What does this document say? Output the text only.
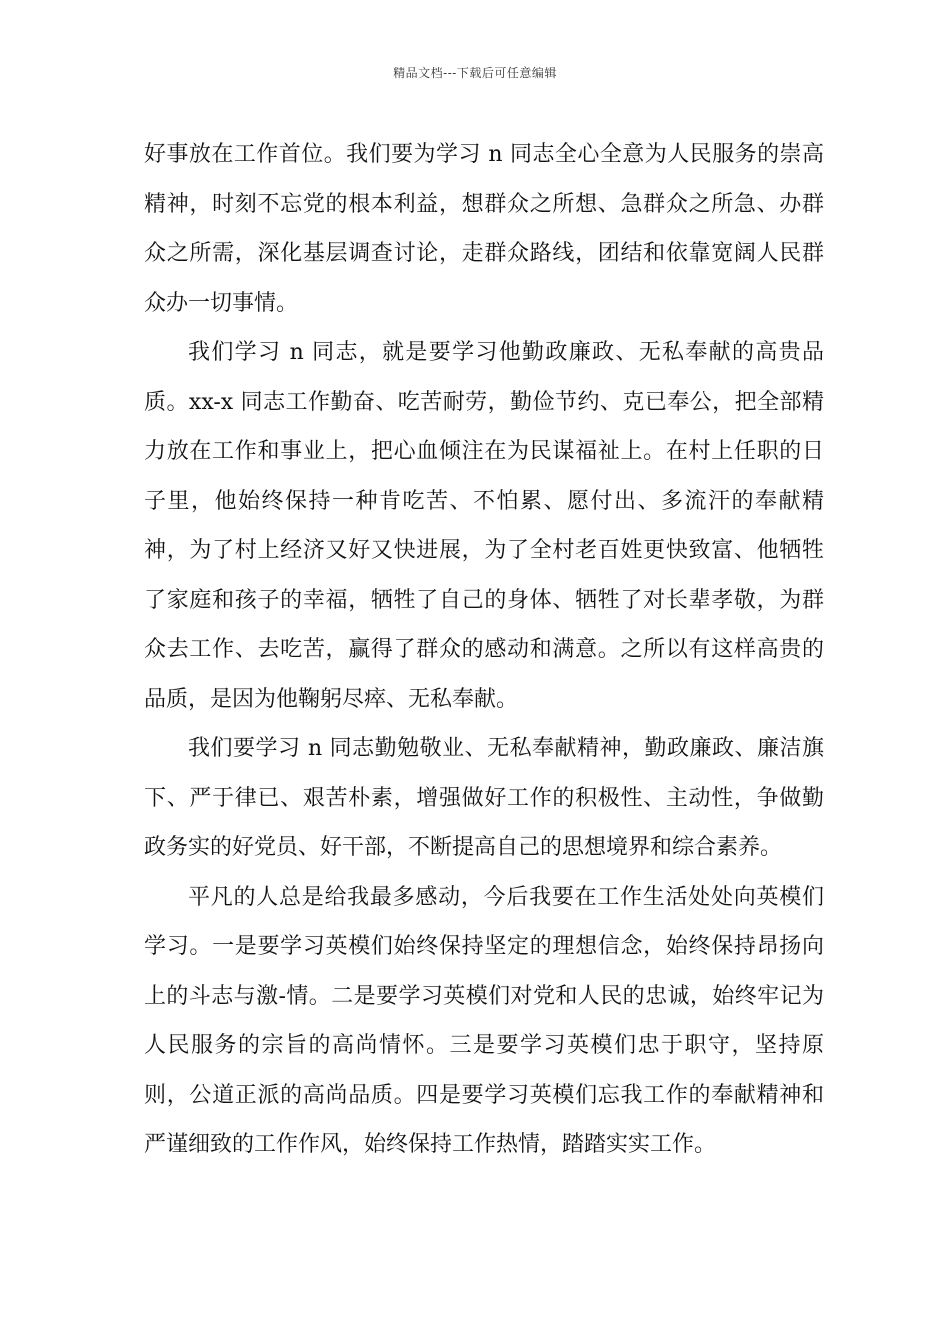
精品文档---下载后可任意编辑

好事放在工作首位。我们要为学习 n 同志全心全意为人民服务的崇高精神，时刻不忘党的根本利益，想群众之所想、急群众之所急、办群众之所需，深化基层调查讨论，走群众路线，团结和依靠宽阔人民群众办一切事情。

我们学习 n 同志，就是要学习他勤政廉政、无私奉献的高贵品质。xx-x 同志工作勤奋、吃苦耐劳，勤俭节约、克已奉公，把全部精力放在工作和事业上，把心血倾注在为民谋福祉上。在村上任职的日子里，他始终保持一种肯吃苦、不怕累、愿付出、多流汗的奉献精神，为了村上经济又好又快进展，为了全村老百姓更快致富、他牺牲了家庭和孩子的幸福，牺牲了自己的身体、牺牲了对长辈孝敬，为群众去工作、去吃苦，赢得了群众的感动和满意。之所以有这样高贵的品质，是因为他鞠躬尽瘁、无私奉献。

我们要学习 n 同志勤勉敬业、无私奉献精神，勤政廉政、廉洁旗下、严于律已、艰苦朴素，增强做好工作的积极性、主动性，争做勤政务实的好党员、好干部，不断提高自己的思想境界和综合素养。

平凡的人总是给我最多感动，今后我要在工作生活处处向英模们学习。一是要学习英模们始终保持坚定的理想信念，始终保持昂扬向上的斗志与激-情。二是要学习英模们对党和人民的忠诚，始终牢记为人民服务的宗旨的高尚情怀。三是要学习英模们忠于职守，坚持原则，公道正派的高尚品质。四是要学习英模们忘我工作的奉献精神和严谨细致的工作作风，始终保持工作热情，踏踏实实工作。
